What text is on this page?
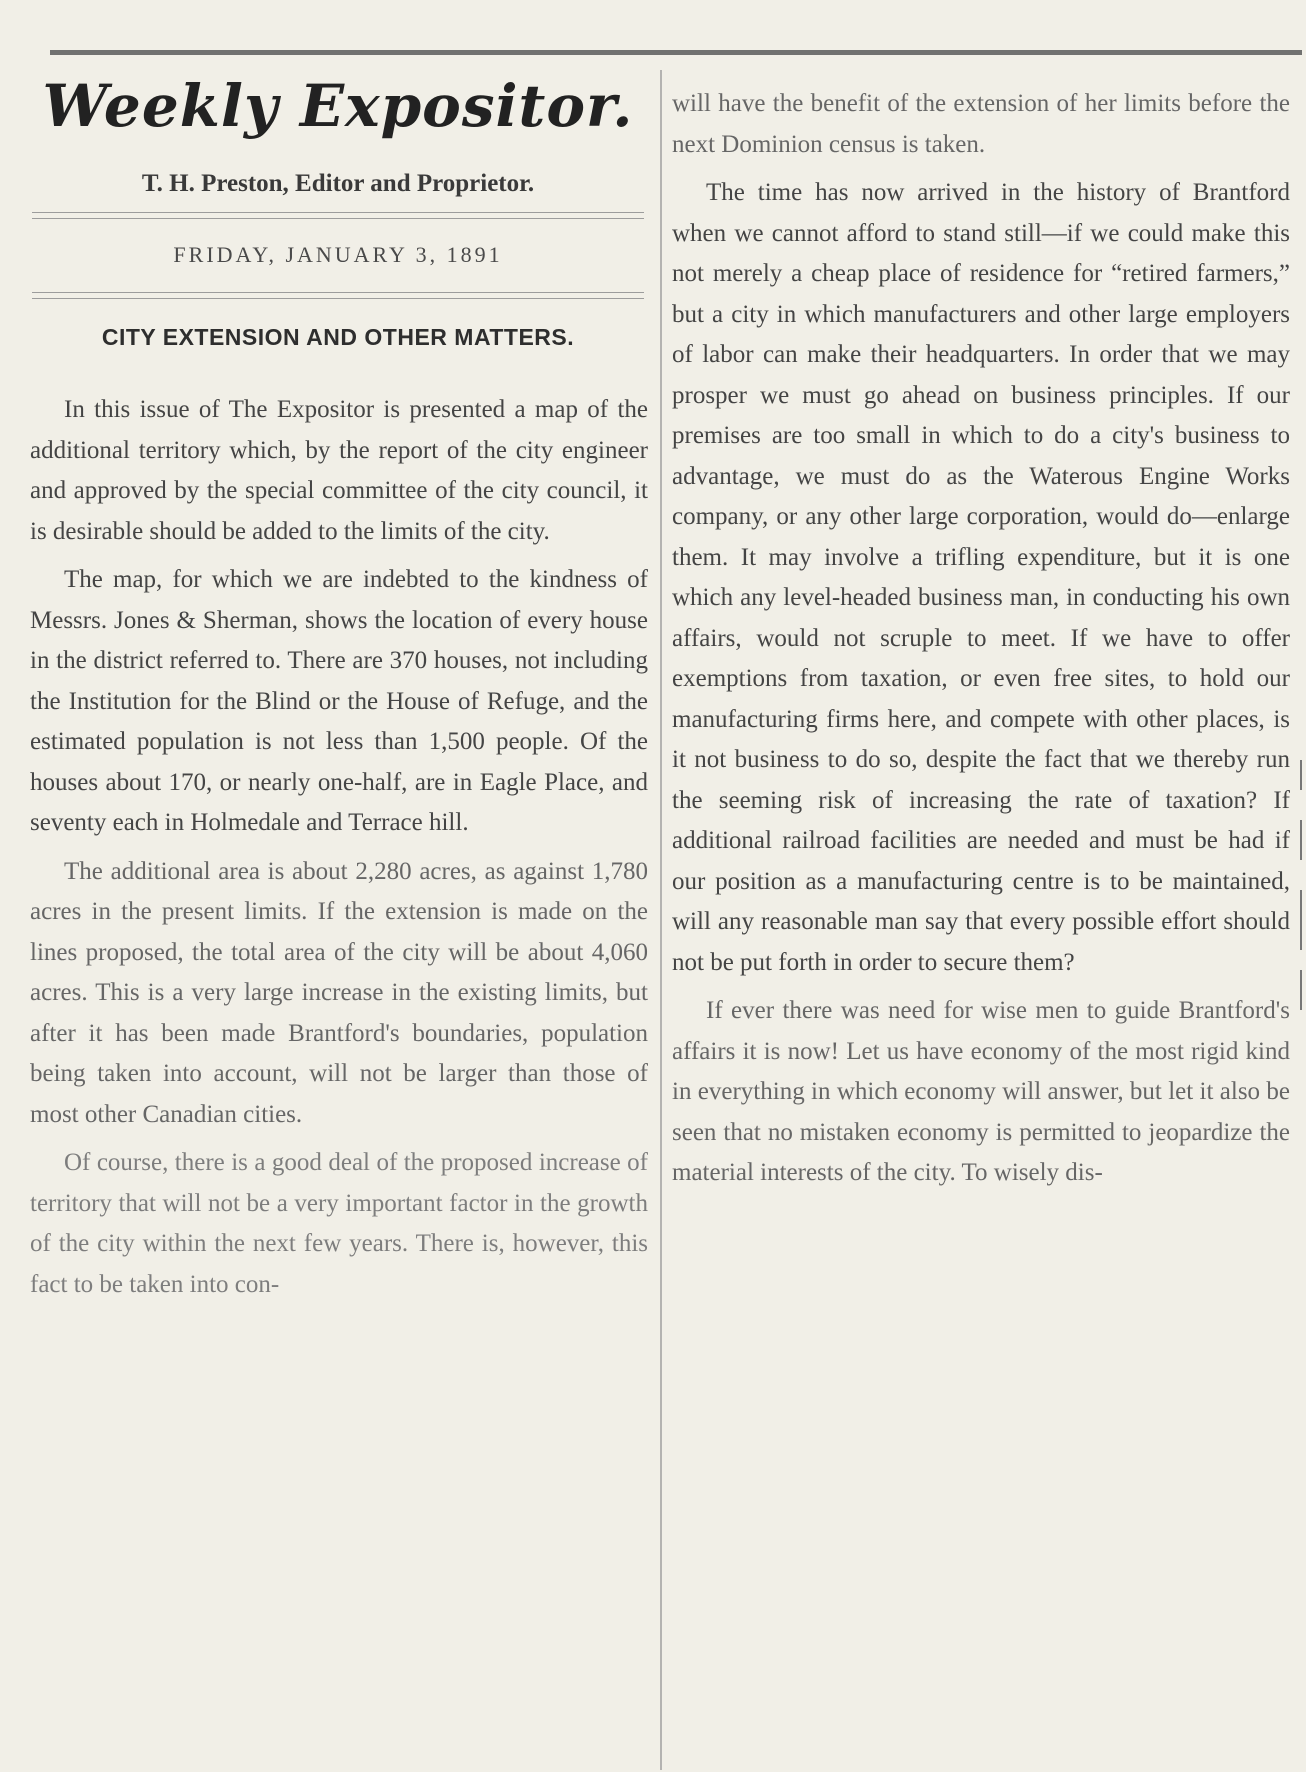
Weekly Expositor.
T. H. Preston, Editor and Proprietor.
FRIDAY, JANUARY 3, 1891
CITY EXTENSION AND OTHER MATTERS.

In this issue of The Expositor is presented a map of the additional territory which, by the report of the city engineer and approved by the special committee of the city council, it is desirable should be added to the limits of the city.

The map, for which we are indebted to the kindness of Messrs. Jones & Sherman, shows the location of every house in the district referred to. There are 370 houses, not including the Institution for the Blind or the House of Refuge, and the estimated population is not less than 1,500 people. Of the houses about 170, or nearly one-half, are in Eagle Place, and seventy each in Holmedale and Terrace hill.

The additional area is about 2,280 acres, as against 1,780 acres in the present limits. If the extension is made on the lines proposed, the total area of the city will be about 4,060 acres. This is a very large increase in the existing limits, but after it has been made Brantford's boundaries, population being taken into account, will not be larger than those of most other Canadian cities.

Of course, there is a good deal of the proposed increase of territory that will not be a very important factor in the growth of the city within the next few years. There is, however, this fact to be taken into con-

will have the benefit of the extension of her limits before the next Dominion census is taken.

The time has now arrived in the history of Brantford when we cannot afford to stand still—if we could make this not merely a cheap place of residence for “retired farmers,” but a city in which manufacturers and other large employers of labor can make their headquarters. In order that we may prosper we must go ahead on business principles. If our premises are too small in which to do a city's business to advantage, we must do as the Waterous Engine Works company, or any other large corporation, would do—enlarge them. It may involve a trifling expenditure, but it is one which any level-headed business man, in conducting his own affairs, would not scruple to meet. If we have to offer exemptions from taxation, or even free sites, to hold our manufacturing firms here, and compete with other places, is it not business to do so, despite the fact that we thereby run the seeming risk of increasing the rate of taxation? If additional railroad facilities are needed and must be had if our position as a manufacturing centre is to be maintained, will any reasonable man say that every possible effort should not be put forth in order to secure them?

If ever there was need for wise men to guide Brantford's affairs it is now! Let us have economy of the most rigid kind in everything in which economy will answer, but let it also be seen that no mistaken economy is permitted to jeopardize the material interests of the city. To wisely dis-
